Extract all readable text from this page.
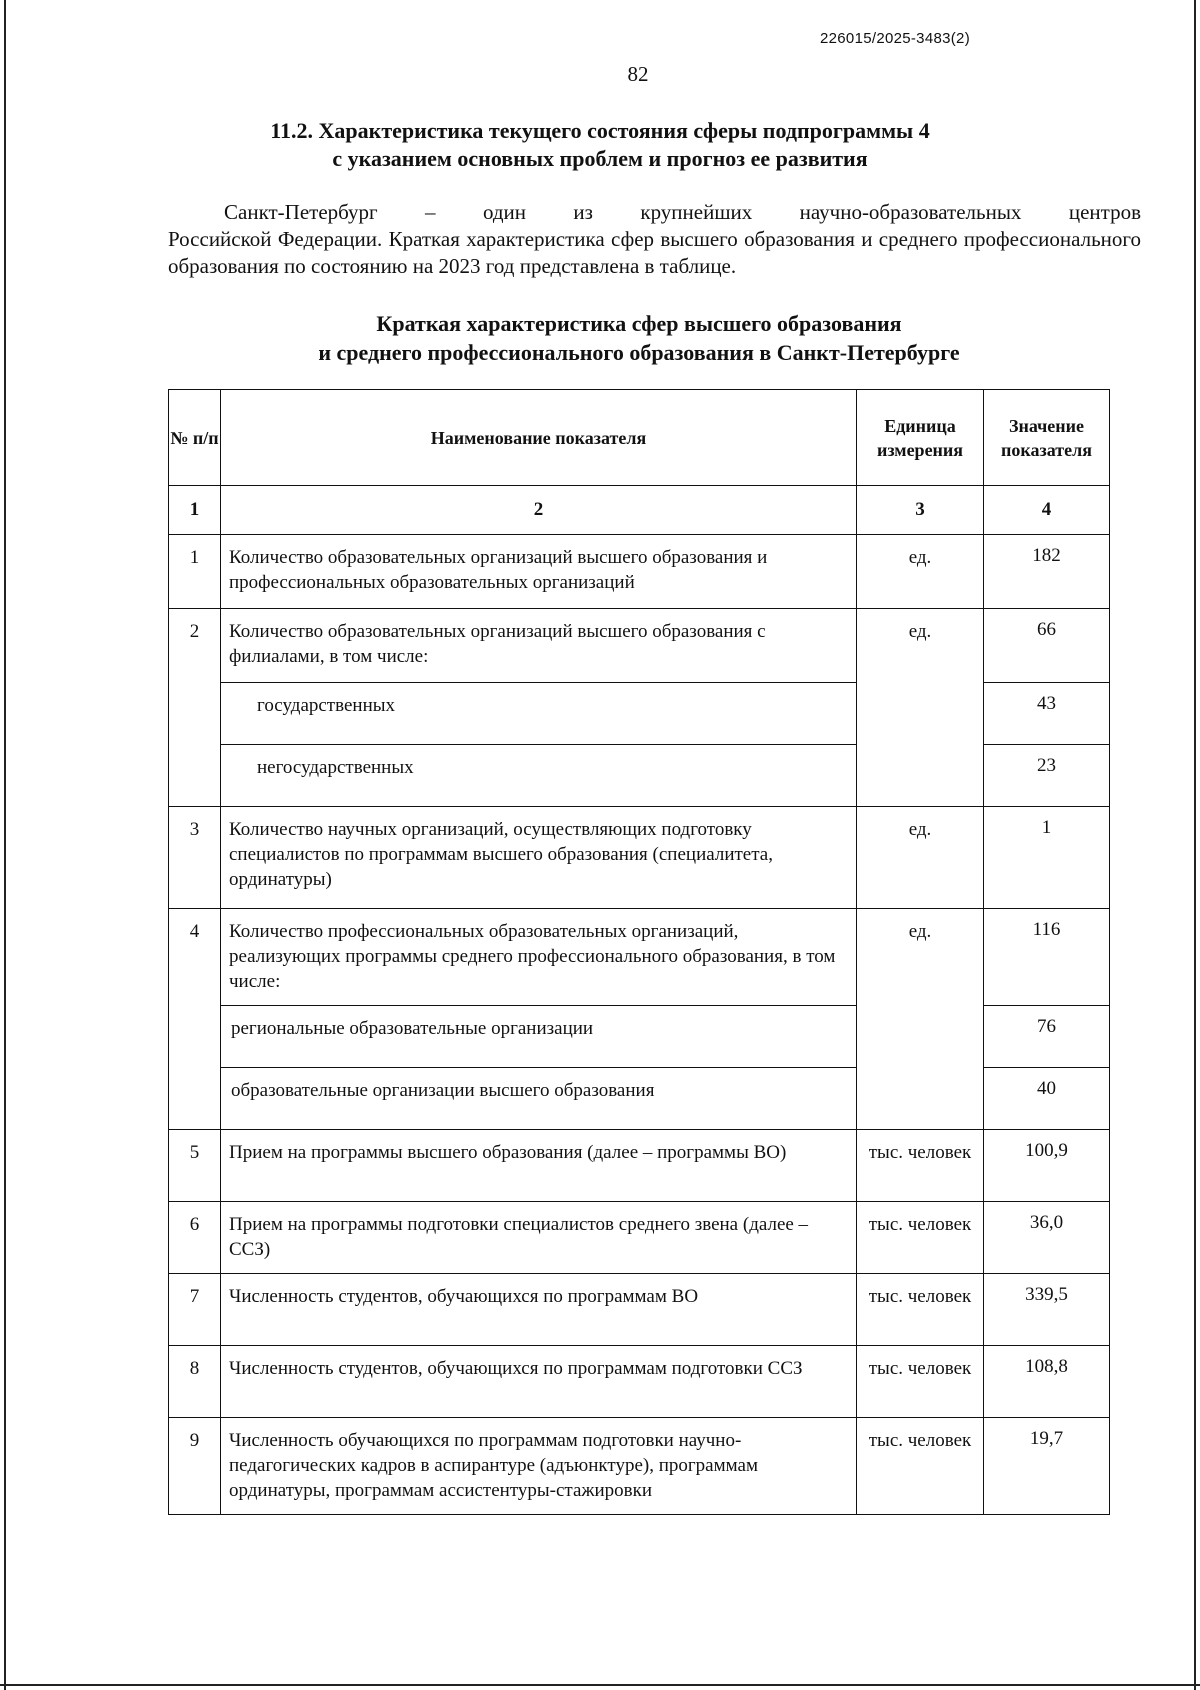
226015/2025-3483(2)
82
11.2. Характеристика текущего состояния сферы подпрограммы 4
с указанием основных проблем и прогноз ее развития

Санкт-Петербург – один из крупнейших научно-образовательных центров
Российской Федерации. Краткая характеристика сфер высшего образования и среднего профессионального образования по состоянию на 2023 год представлена в таблице.

Краткая характеристика сфер высшего образования
и среднего профессионального образования в Санкт-Петербурге
№ п/п	Наименование показателя	Единица измерения	Значение показателя
1	2	3	4
1	Количество образовательных организаций высшего образования и профессиональных образовательных организаций	ед.	182
2	Количество образовательных организаций высшего образования с филиалами, в том числе:	ед.	66
	государственных		43
	негосударственных		23
3	Количество научных организаций, осуществляющих подготовку специалистов по программам высшего образования (специалитета, ординатуры)	ед.	1
4	Количество профессиональных образовательных организаций, реализующих программы среднего профессионального образования, в том числе:	ед.	116
	региональные образовательные организации		76
	образовательные организации высшего образования		40
5	Прием на программы высшего образования (далее – программы ВО)	тыс. человек	100,9
6	Прием на программы подготовки специалистов среднего звена (далее – ССЗ)	тыс. человек	36,0
7	Численность студентов, обучающихся по программам ВО	тыс. человек	339,5
8	Численность студентов, обучающихся по программам подготовки ССЗ	тыс. человек	108,8
9	Численность обучающихся по программам подготовки научно-педагогических кадров в аспирантуре (адъюнктуре), программам ординатуры, программам ассистентуры-стажировки	тыс. человек	19,7
